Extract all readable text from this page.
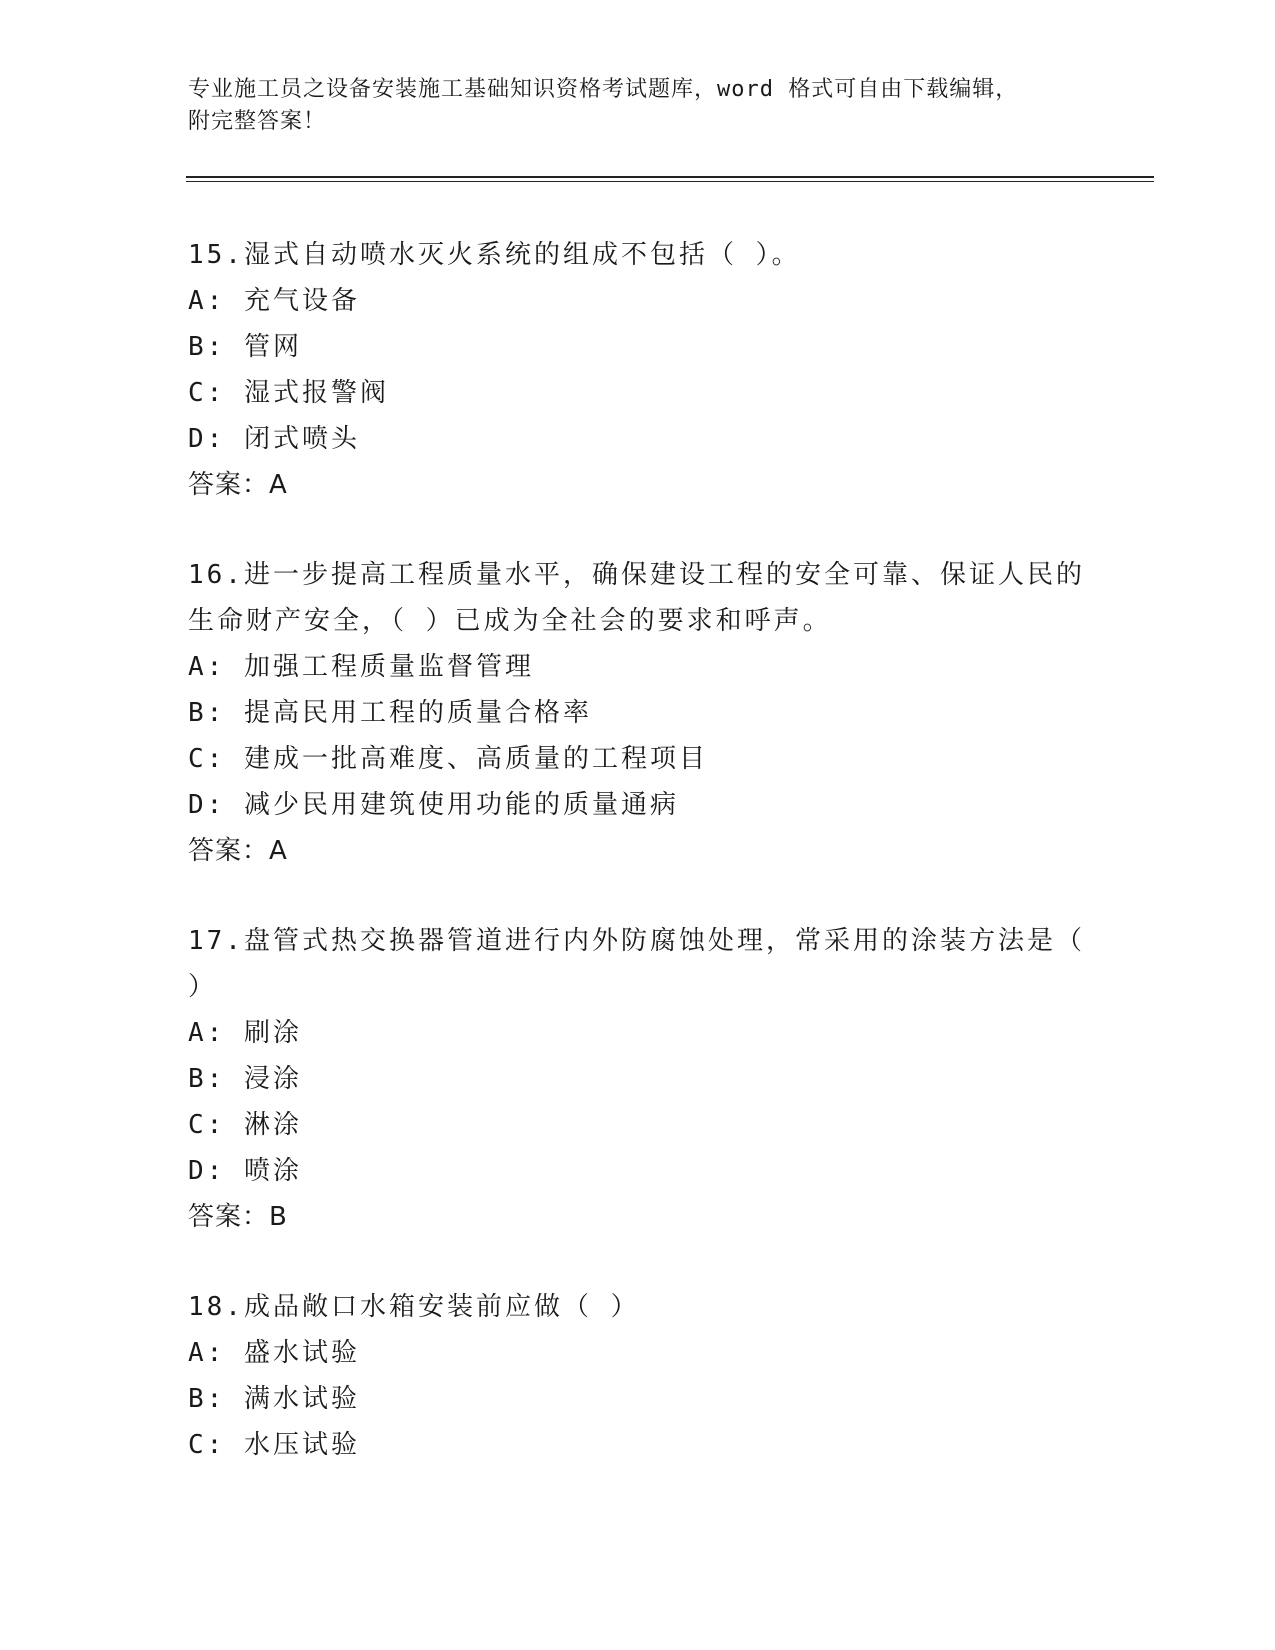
专业施工员之设备安装施工基础知识资格考试题库，word 格式可自由下载编辑，
附完整答案！
15.湿式自动喷水灭火系统的组成不包括（ ）。
A: 充气设备
B: 管网
C: 湿式报警阀
D: 闭式喷头
答案：A
16.进一步提高工程质量水平，确保建设工程的安全可靠、保证人民的
生命财产安全，（ ）已成为全社会的要求和呼声。
A: 加强工程质量监督管理
B: 提高民用工程的质量合格率
C: 建成一批高难度、高质量的工程项目
D: 减少民用建筑使用功能的质量通病
答案：A
17.盘管式热交换器管道进行内外防腐蚀处理，常采用的涂装方法是（
）
A: 刷涂
B: 浸涂
C: 淋涂
D: 喷涂
答案：B
18.成品敞口水箱安装前应做（ ）
A: 盛水试验
B: 满水试验
C: 水压试验
